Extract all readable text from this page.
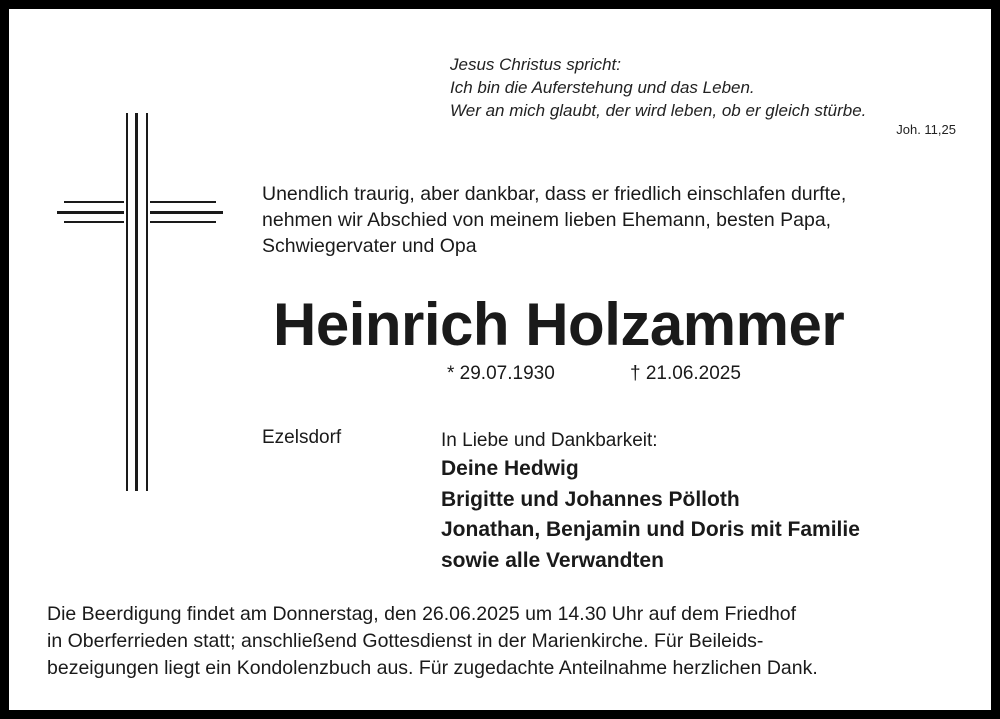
Jesus Christus spricht:
Ich bin die Auferstehung und das Leben.
Wer an mich glaubt, der wird leben, ob er gleich stürbe.
Joh. 11,25
Unendlich traurig, aber dankbar, dass er friedlich einschlafen durfte,
nehmen wir Abschied von meinem lieben Ehemann, besten Papa,
Schwiegervater und Opa
Heinrich Holzammer
* 29.07.1930	† 21.06.2025
Ezelsdorf	In Liebe und Dankbarkeit:
Deine Hedwig
Brigitte und Johannes Pölloth
Jonathan, Benjamin und Doris mit Familie
sowie alle Verwandten
Die Beerdigung findet am Donnerstag, den 26.06.2025 um 14.30 Uhr auf dem Friedhof
in Oberferrieden statt; anschließend Gottesdienst in der Marienkirche. Für Beileids-
bezeigungen liegt ein Kondolenzbuch aus. Für zugedachte Anteilnahme herzlichen Dank.
